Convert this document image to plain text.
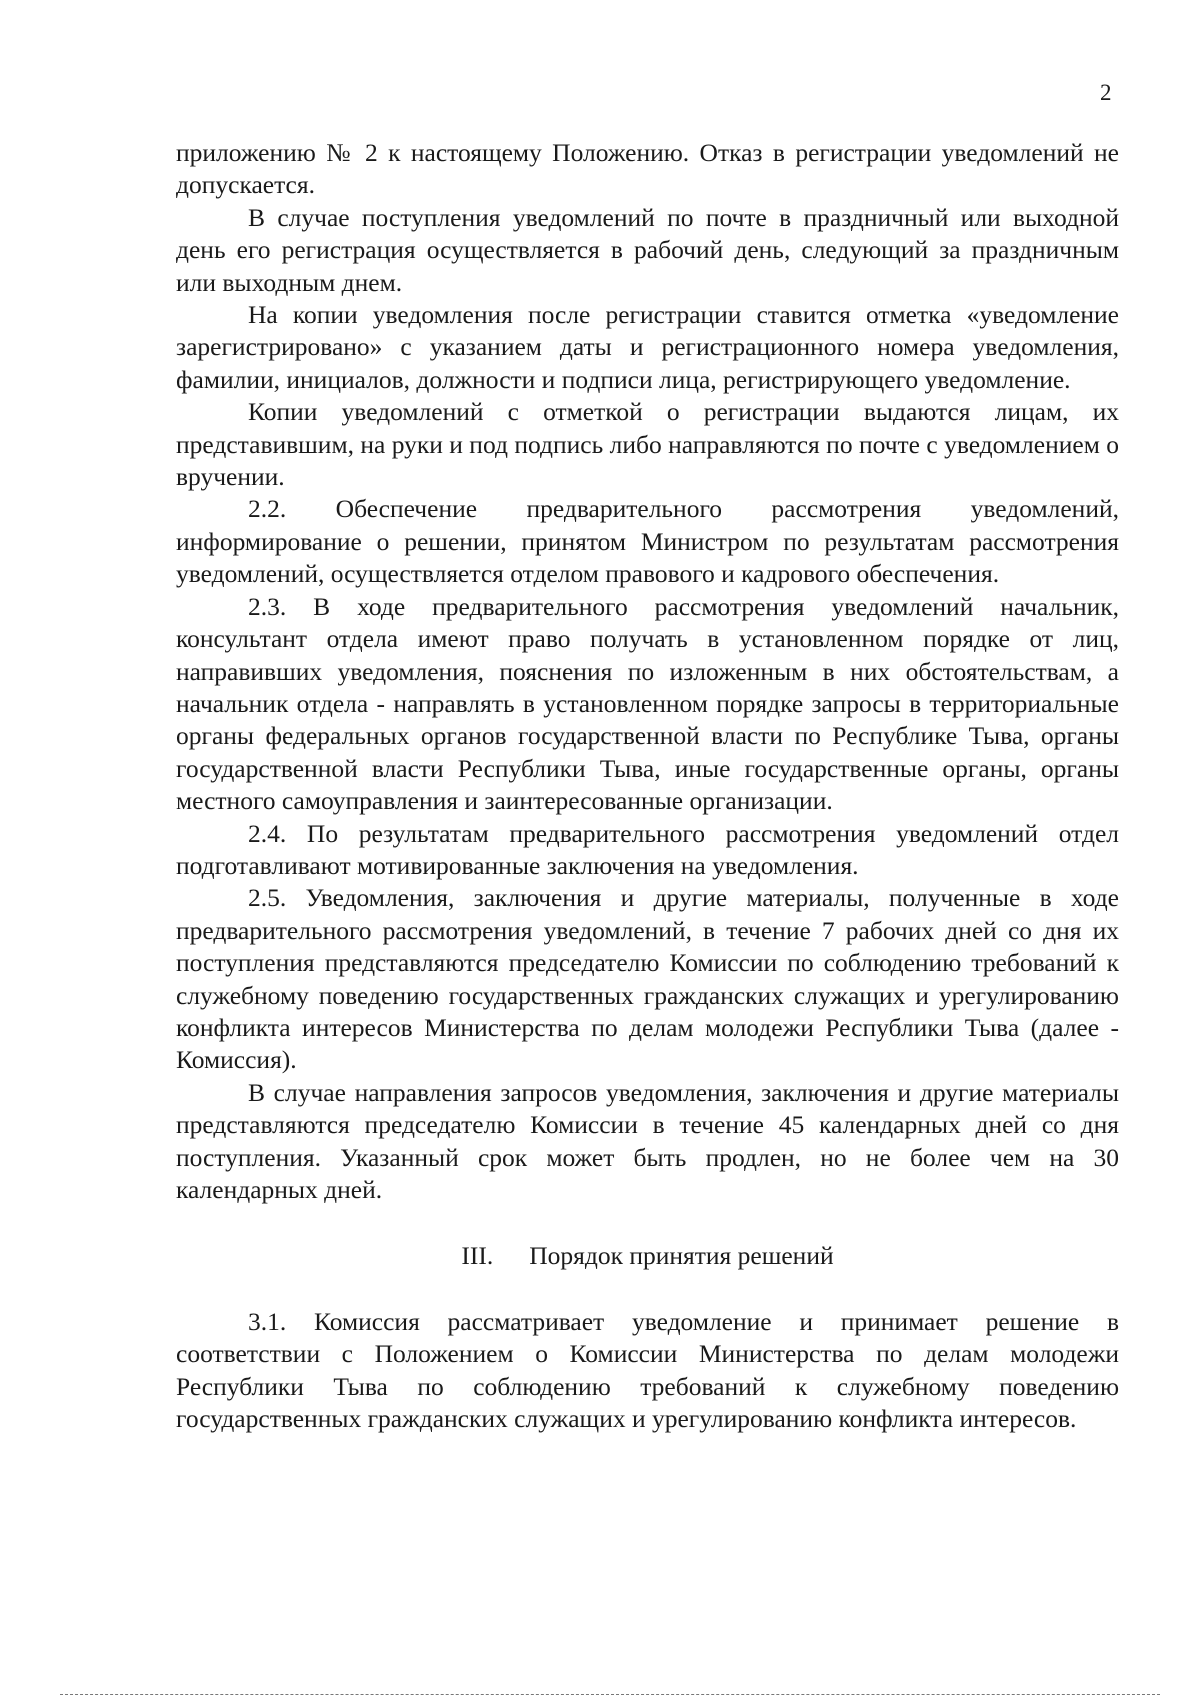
2

приложению № 2 к настоящему Положению. Отказ в регистрации уведомлений не допускается.

В случае поступления уведомлений по почте в праздничный или выходной день его регистрация осуществляется в рабочий день, следующий за праздничным или выходным днем.

На копии уведомления после регистрации ставится отметка «уведомление зарегистрировано» с указанием даты и регистрационного номера уведомления, фамилии, инициалов, должности и подписи лица, регистрирующего уведомление.

Копии уведомлений с отметкой о регистрации выдаются лицам, их представившим, на руки и под подпись либо направляются по почте с уведомлением о вручении.

2.2. Обеспечение предварительного рассмотрения уведомлений, информирование о решении, принятом Министром по результатам рассмотрения уведомлений, осуществляется отделом правового и кадрового обеспечения.

2.3. В ходе предварительного рассмотрения уведомлений начальник, консультант отдела имеют право получать в установленном порядке от лиц, направивших уведомления, пояснения по изложенным в них обстоятельствам, а начальник отдела - направлять в установленном порядке запросы в территориальные органы федеральных органов государственной власти по Республике Тыва, органы государственной власти Республики Тыва, иные государственные органы, органы местного самоуправления и заинтересованные организации.

2.4. По результатам предварительного рассмотрения уведомлений отдел подготавливают мотивированные заключения на уведомления.

2.5. Уведомления, заключения и другие материалы, полученные в ходе предварительного рассмотрения уведомлений, в течение 7 рабочих дней со дня их поступления представляются председателю Комиссии по соблюдению требований к служебному поведению государственных гражданских служащих и урегулированию конфликта интересов Министерства по делам молодежи Республики Тыва (далее - Комиссия).

В случае направления запросов уведомления, заключения и другие материалы представляются председателю Комиссии в течение 45 календарных дней со дня поступления. Указанный срок может быть продлен, но не более чем на 30 календарных дней.

III. Порядок принятия решений

3.1. Комиссия рассматривает уведомление и принимает решение в соответствии с Положением о Комиссии Министерства по делам молодежи Республики Тыва по соблюдению требований к служебному поведению государственных гражданских служащих и урегулированию конфликта интересов.
